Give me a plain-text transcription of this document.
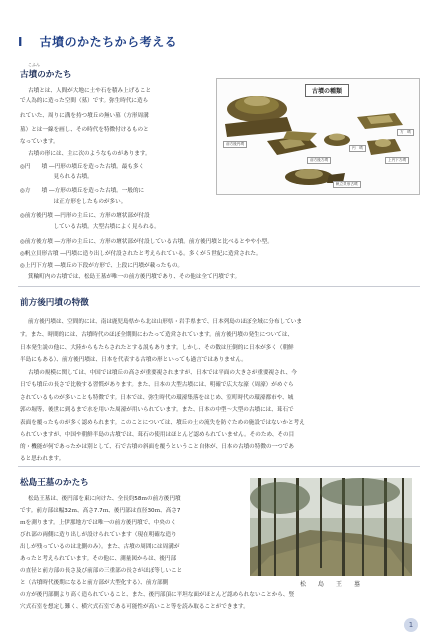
I 古墳のかたちから考える
こふん
古墳のかたち
古墳とは、人間が大地に土や石を積み上げること
で人為的に造った空間（墓）です。弥生時代に造ら
れていた、周りに溝を持つ墳丘の無い墓（方形周溝
墓）とは一線を画し、その時代を特徴付けるものと
なっています。
古墳の形には、主に次のようなものがあります。
◎円　　墳 ―円形の墳丘を造った古墳。最も多く
　　　　　　見られる古墳。
◎方　　墳 ―方形の墳丘を造った古墳。一般的に
　　　　　　は正方形をしたものが多い。
◎前方後円墳 ―円形の主丘に、方形の壇状部が付設
　　　　　　している古墳。大型古墳によく見られる。
◎前方後方墳 ―方形の主丘に、方形の壇状部が付設している古墳。前方後円墳と比べるとやや小型。
◎帆立貝形古墳 ―円墳に造り出しが付設されたと考えられている。多くが５世紀に造営された。
◎上円下方墳 ―墳丘の下段が方形で、上段に円墳が載ったもの。
箕輪町内の古墳では、松島王墓が唯一の前方後円墳であり、その他は全て円墳です。
古墳の種類
前方後円墳
方　墳
円　墳
前方後方墳	上円下方墳
帆立貝形古墳
前方後円墳の特徴
前方後円墳は、空間的には、南は鹿児島県から北は山形県・岩手県まで、日本列島のほぼ全域に分布していま
す。また、時間的には、古墳時代のほぼ全期間にわたって造営されています。前方後円墳の発生については、
日本発生説の他に、大陸からもたらされたとする説もあります。しかし、その数は圧倒的に日本が多く（朝鮮
半島にもある）、前方後円墳は、日本を代表する古墳の形といっても過言ではありません。
古墳の規模に関しては、中国では墳丘の高さが重要視されますが、日本では平面の大きさが重要視され、今
日でも墳丘の長さで比較する習慣があります。また、日本の大型古墳には、明確で広大な濠（周濠）がめぐら
されているものが多いことも特徴です。日本では、弥生時代の環濠集落をはじめ、室町時代の環濠都市や、城
郭の堀等、後世に到るまで水を用いた周濠が用いられています。また、日本の中型～大型の古墳には、葺石で
表面を覆ったものが多く認められます。このことについては、墳丘の土の流失を防ぐための施設ではないかと考え
られていますが、中国や朝鮮半島の古墳では、葺石の使用はほとんど認められていません。そのため、その目
的・機能が何であったかは別として、石で古墳の斜面を覆うということ自体が、日本の古墳の特徴の一つであ
ると思われます。
松島王墓のかたち
松島王墓は、後円部を東に向けた、全長約58ｍの前方後円墳
です。前方部は幅32ｍ、高さ7.7ｍ、後円部は直径30ｍ、高さ7
ｍを測ります。上伊那地方では唯一の前方後円墳で、中央のく
びれ部の両側に造り出しが設けられています（現在明確な造り
出しが残っているのは北側のみ）。また、古墳の周囲には周溝が
あったと考えられています。その他に、測量図からは、後円部
の直径と前方部の長さ及び前部の三重部の長さがほぼ等しいこと
と（古墳時代後期になると前方部が大型化する）、前方部側
の方が後円部側より高く造られていること、また、後円部頂に平坦な面がほとんど認められないことから、竪
穴式石室を想定し難く、横穴式石室である可能性が高いこと等を読み取ることができます。
松　島　王　墓
1
